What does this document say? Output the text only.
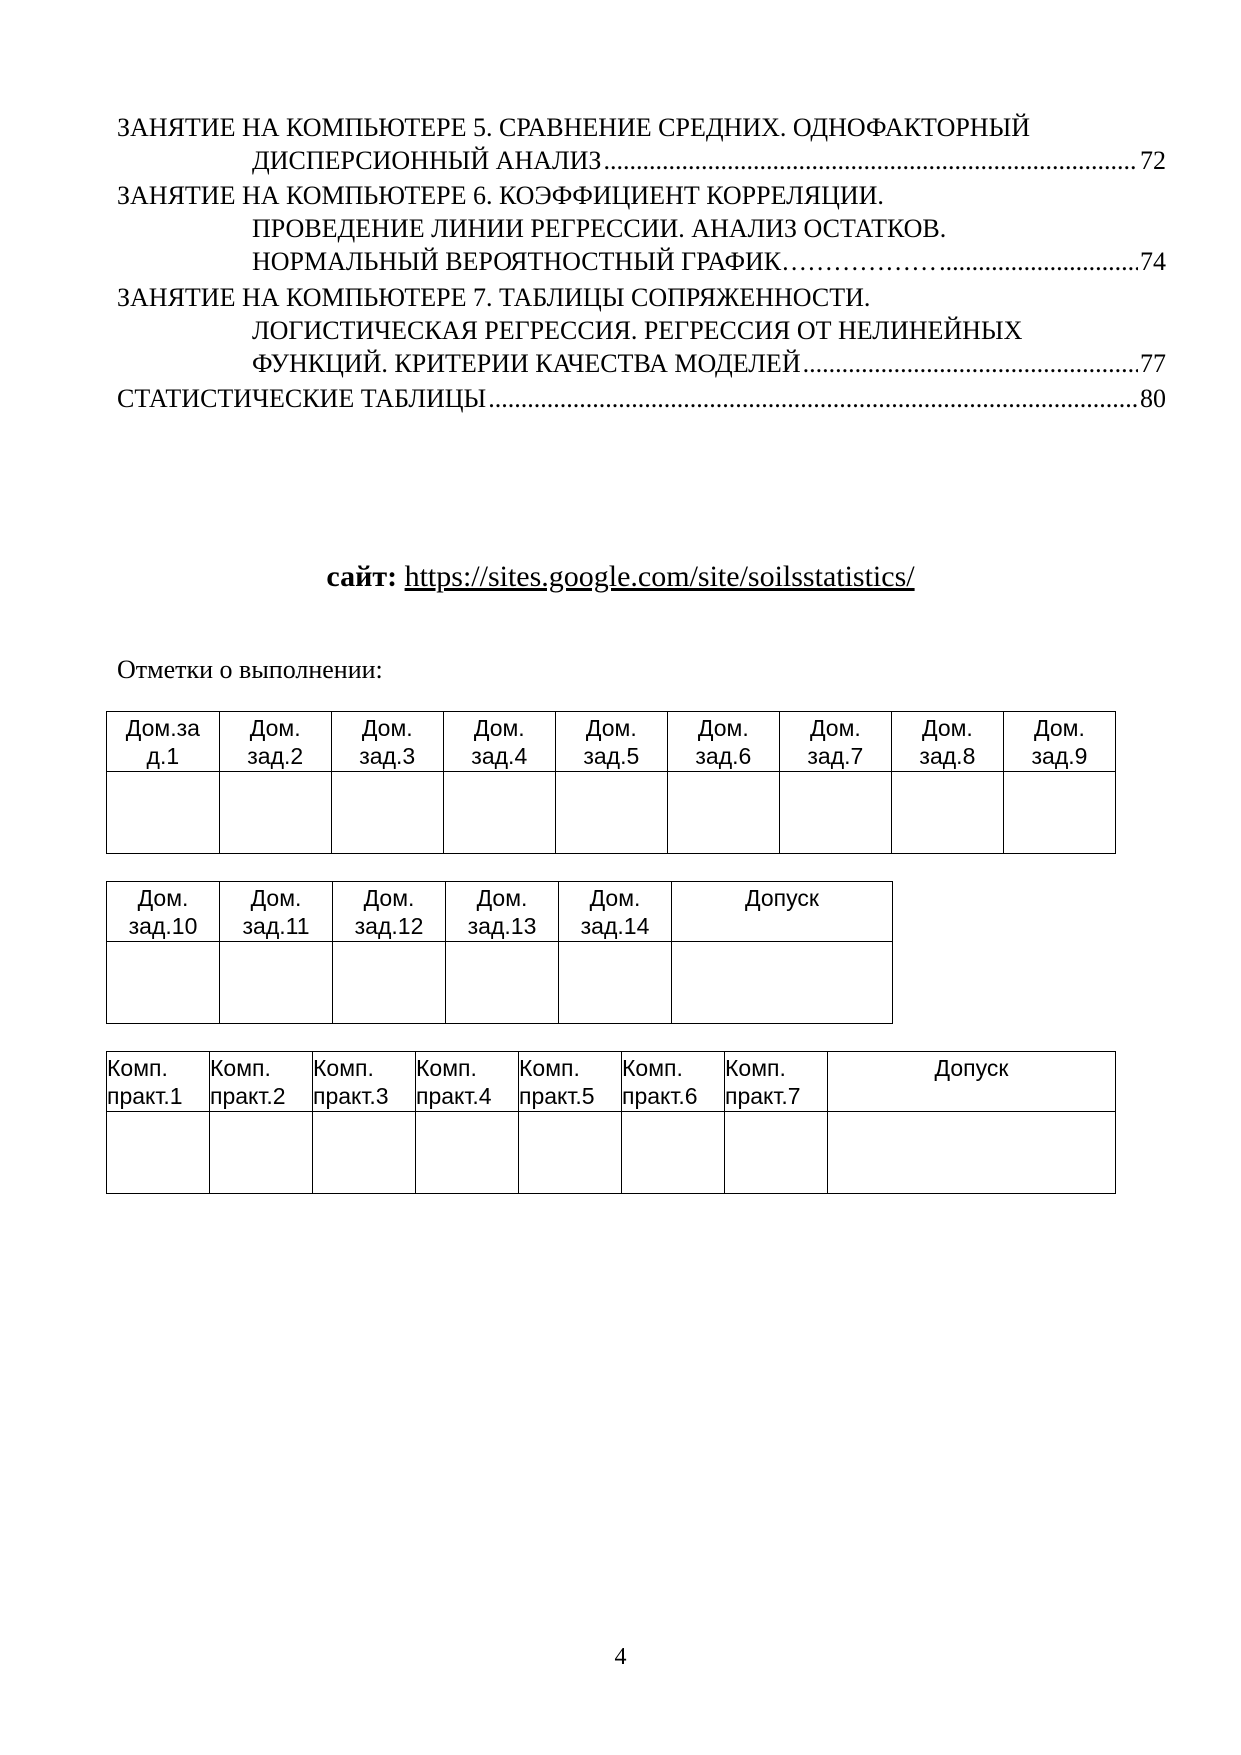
ЗАНЯТИЕ НА КОМПЬЮТЕРЕ 5. СРАВНЕНИЕ СРЕДНИХ. ОДНОФАКТОРНЫЙ
ДИСПЕРСИОННЫЙ АНАЛИЗ .....	72
ЗАНЯТИЕ НА КОМПЬЮТЕРЕ 6. КОЭФФИЦИЕНТ КОРРЕЛЯЦИИ.
ПРОВЕДЕНИЕ ЛИНИИ РЕГРЕССИИ. АНАЛИЗ ОСТАТКОВ.
НОРМАЛЬНЫЙ ВЕРОЯТНОСТНЫЙ ГРАФИК……………… .....	74
ЗАНЯТИЕ НА КОМПЬЮТЕРЕ 7. ТАБЛИЦЫ СОПРЯЖЕННОСТИ.
ЛОГИСТИЧЕСКАЯ РЕГРЕССИЯ. РЕГРЕССИЯ ОТ НЕЛИНЕЙНЫХ
ФУНКЦИЙ. КРИТЕРИИ КАЧЕСТВА МОДЕЛЕЙ .....	77
СТАТИСТИЧЕСКИЕ ТАБЛИЦЫ .....	80
сайт: https://sites.google.com/site/soilsstatistics/
Отметки о выполнении:
Дом.за д.1	Дом. зад.2	Дом. зад.3	Дом. зад.4	Дом. зад.5	Дом. зад.6	Дом. зад.7	Дом. зад.8	Дом. зад.9

Дом. зад.10	Дом. зад.11	Дом. зад.12	Дом. зад.13	Дом. зад.14	Допуск

Комп. практ.1	Комп. практ.2	Комп. практ.3	Комп. практ.4	Комп. практ.5	Комп. практ.6	Комп. практ.7	Допуск

4
